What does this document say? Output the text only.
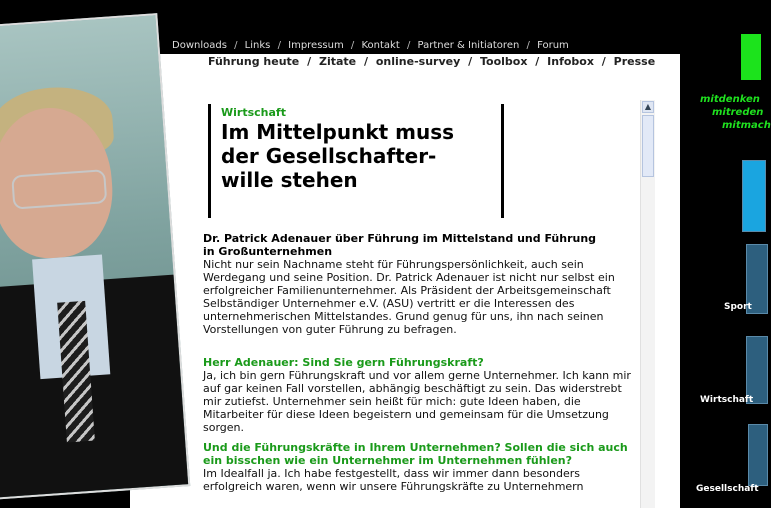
Downloads / Links / Impressum / Kontakt / Partner & Initiatoren / Forum
Führung heute / Zitate / online-survey / Toolbox / Infobox / Presse
Wirtschaft
Im Mittelpunkt muss
der Gesellschafter-
wille stehen
Dr. Patrick Adenauer über Führung im Mittelstand und Führung
in Großunternehmen

Nicht nur sein Nachname steht für Führungspersönlichkeit, auch sein Werdegang und seine Position. Dr. Patrick Adenauer ist nicht nur selbst ein erfolgreicher Familienunternehmer. Als Präsident der Arbeitsgemeinschaft Selbständiger Unternehmer e.V. (ASU) vertritt er die Interessen des unternehmerischen Mittelstandes. Grund genug für uns, ihn nach seinen Vorstellungen von guter Führung zu befragen.

Herr Adenauer: Sind Sie gern Führungskraft?

Ja, ich bin gern Führungskraft und vor allem gerne Unternehmer. Ich kann mir auf gar keinen Fall vorstellen, abhängig beschäftigt zu sein. Das widerstrebt mir zutiefst. Unternehmer sein heißt für mich: gute Ideen haben, die Mitarbeiter für diese Ideen begeistern und gemeinsam für die Umsetzung sorgen.

Und die Führungskräfte in Ihrem Unternehmen? Sollen die sich auch ein bisschen wie ein Unternehmer im Unternehmen fühlen?

Im Idealfall ja. Ich habe festgestellt, dass wir immer dann besonders erfolgreich waren, wenn wir unsere Führungskräfte zu Unternehmern

▲
mitdenken
mitreden
mitmach
Sport
Wirtschaft
Gesellschaft
